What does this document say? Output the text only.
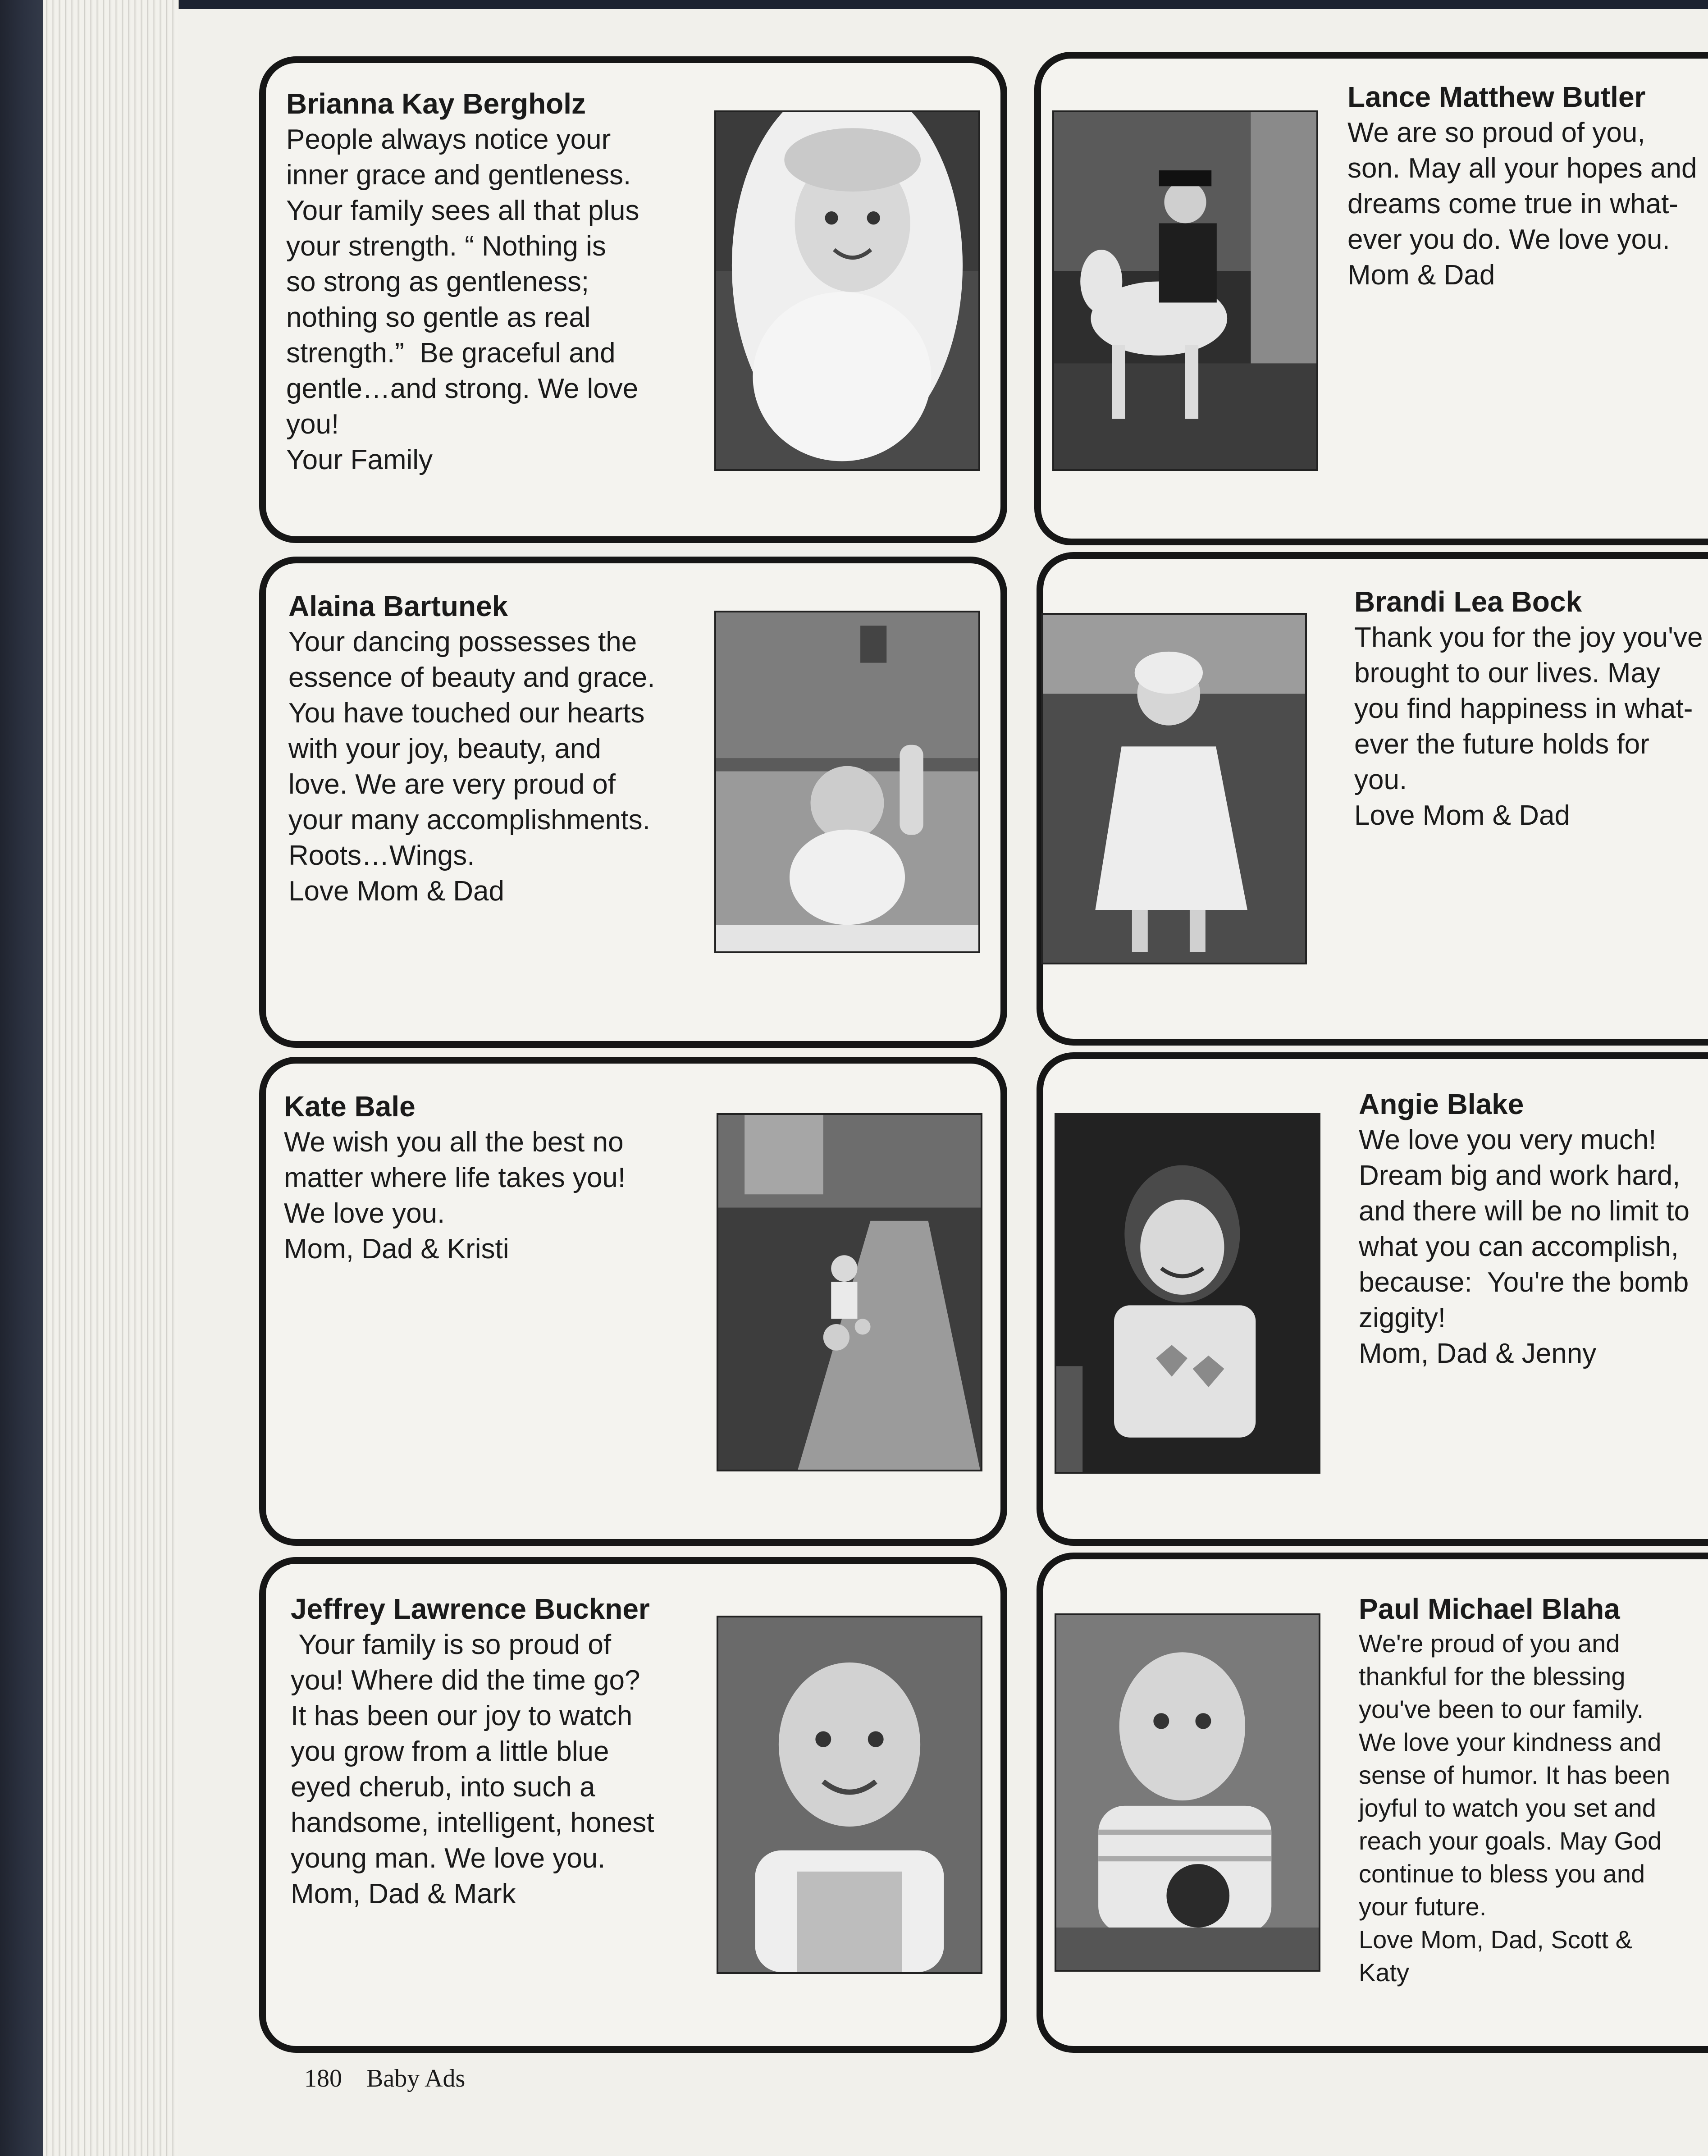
Brianna Kay Bergholz
People always notice your
inner grace and gentleness.
Your family sees all that plus
your strength. “ Nothing is
so strong as gentleness;
nothing so gentle as real
strength.”  Be graceful and
gentle…and strong. We love
you!
Your Family
Lance Matthew Butler
We are so proud of you,
son. May all your hopes and
dreams come true in what-
ever you do. We love you.
Mom & Dad
Alaina Bartunek
Your dancing possesses the
essence of beauty and grace.
You have touched our hearts
with your joy, beauty, and
love. We are very proud of
your many accomplishments.
Roots…Wings.
Love Mom & Dad
Brandi Lea Bock
Thank you for the joy you've
brought to our lives. May
you find happiness in what-
ever the future holds for you.
Love Mom & Dad
Kate Bale
We wish you all the best no
matter where life takes you!
We love you.
Mom, Dad & Kristi
Angie Blake
We love you very much!
Dream big and work hard,
and there will be no limit to
what you can accomplish,
because:  You're the bomb
ziggity!
Mom, Dad & Jenny
Jeffrey Lawrence Buckner
Your family is so proud of
you! Where did the time go?
It has been our joy to watch
you grow from a little blue
eyed cherub, into such a
handsome, intelligent, honest
young man. We love you.
Mom, Dad & Mark
Paul Michael Blaha
We're proud of you and
thankful for the blessing
you've been to our family.
We love your kindness and
sense of humor. It has been
joyful to watch you set and
reach your goals. May God
continue to bless you and
your future.
Love Mom, Dad, Scott &
Katy
180 Baby Ads
